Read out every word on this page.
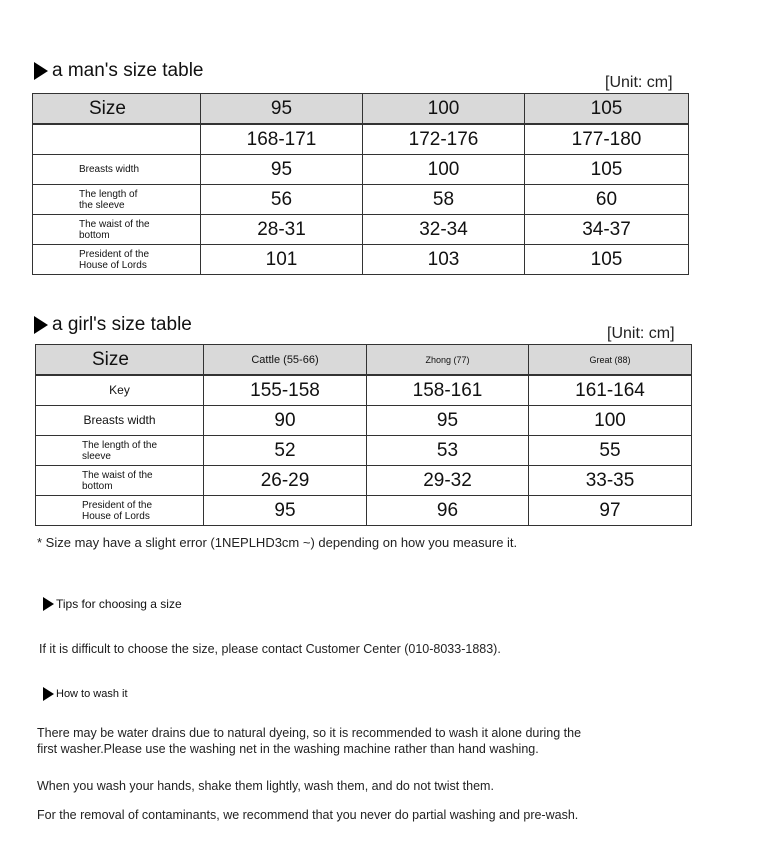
a man's size table
[Unit: cm]
Size	95	100	105
	168-171	172-176	177-180
Breasts width	95	100	105
The length of the sleeve	56	58	60
The waist of the bottom	28-31	32-34	34-37
President of the House of Lords	101	103	105
a girl's size table	[Unit: cm]
Size	Cattle (55-66)	Zhong (77)	Great (88)
Key	155-158	158-161	161-164
Breasts width	90	95	100
The length of the sleeve	52	53	55
The waist of the bottom	26-29	29-32	33-35
President of the House of Lords	95	96	97
* Size may have a slight error (1NEPLHD3cm ~) depending on how you measure it.
Tips for choosing a size
If it is difficult to choose the size, please contact Customer Center (010-8033-1883).
How to wash it
There may be water drains due to natural dyeing, so it is recommended to wash it alone during the first washer.Please use the washing net in the washing machine rather than hand washing.
When you wash your hands, shake them lightly, wash them, and do not twist them.
For the removal of contaminants, we recommend that you never do partial washing and pre-wash.
